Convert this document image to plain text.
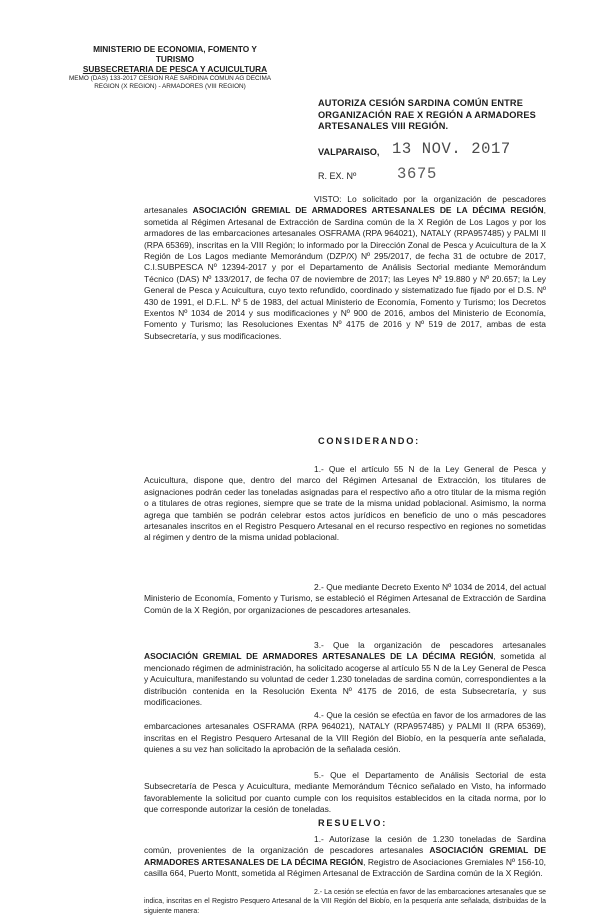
MINISTERIO DE ECONOMIA, FOMENTO Y
TURISMO
SUBSECRETARIA DE PESCA Y ACUICULTURA
MEMO (DAS) 133-2017 CESION RAE SARDINA COMUN AG DECIMA REGION (X REGION) - ARMADORES (VIII REGION)
AUTORIZA CESIÓN SARDINA COMÚN ENTRE ORGANIZACIÓN RAE X REGIÓN A ARMADORES ARTESANALES VIII REGIÓN.
VALPARAISO, 13 NOV. 2017
R. EX. Nº	3675
VISTO: Lo solicitado por la organización de pescadores artesanales ASOCIACIÓN GREMIAL DE ARMADORES ARTESANALES DE LA DÉCIMA REGIÓN, sometida al Régimen Artesanal de Extracción de Sardina común de la X Región de Los Lagos y por los armadores de las embarcaciones artesanales OSFRAMA (RPA 964021), NATALY (RPA957485) y PALMI II (RPA 65369), inscritas en la VIII Región; lo informado por la Dirección Zonal de Pesca y Acuicultura de la X Región de Los Lagos mediante Memorándum (DZP/X) Nº 295/2017, de fecha 31 de octubre de 2017, C.I.SUBPESCA Nº 12394-2017 y por el Departamento de Análisis Sectorial mediante Memorándum Técnico (DAS) Nº 133/2017, de fecha 07 de noviembre de 2017; las Leyes Nº 19.880 y Nº 20.657; la Ley General de Pesca y Acuicultura, cuyo texto refundido, coordinado y sistematizado fue fijado por el D.S. Nº 430 de 1991, el D.F.L. Nº 5 de 1983, del actual Ministerio de Economía, Fomento y Turismo; los Decretos Exentos Nº 1034 de 2014 y sus modificaciones y Nº 900 de 2016, ambos del Ministerio de Economía, Fomento y Turismo; las Resoluciones Exentas Nº 4175 de 2016 y Nº 519 de 2017, ambas de esta Subsecretaría, y sus modificaciones.
CONSIDERANDO:
1.- Que el artículo 55 N de la Ley General de Pesca y Acuicultura, dispone que, dentro del marco del Régimen Artesanal de Extracción, los titulares de asignaciones podrán ceder las toneladas asignadas para el respectivo año a otro titular de la misma región o a titulares de otras regiones, siempre que se trate de la misma unidad poblacional. Asimismo, la norma agrega que también se podrán celebrar estos actos jurídicos en beneficio de uno o más pescadores artesanales inscritos en el Registro Pesquero Artesanal en el recurso respectivo en regiones no sometidas al régimen y dentro de la misma unidad poblacional.
2.- Que mediante Decreto Exento Nº 1034 de 2014, del actual Ministerio de Economía, Fomento y Turismo, se estableció el Régimen Artesanal de Extracción de Sardina Común de la X Región, por organizaciones de pescadores artesanales.
3.- Que la organización de pescadores artesanales ASOCIACIÓN GREMIAL DE ARMADORES ARTESANALES DE LA DÉCIMA REGIÓN, sometida al mencionado régimen de administración, ha solicitado acogerse al artículo 55 N de la Ley General de Pesca y Acuicultura, manifestando su voluntad de ceder 1.230 toneladas de sardina común, correspondientes a la distribución contenida en la Resolución Exenta Nº 4175 de 2016, de esta Subsecretaría, y sus modificaciones.
4.- Que la cesión se efectúa en favor de los armadores de las embarcaciones artesanales OSFRAMA (RPA 964021), NATALY (RPA957485) y PALMI II (RPA 65369), inscritas en el Registro Pesquero Artesanal de la VIII Región del Biobío, en la pesquería ante señalada, quienes a su vez han solicitado la aprobación de la señalada cesión.
5.- Que el Departamento de Análisis Sectorial de esta Subsecretaría de Pesca y Acuicultura, mediante Memorándum Técnico señalado en Visto, ha informado favorablemente la solicitud por cuanto cumple con los requisitos establecidos en la citada norma, por lo que corresponde autorizar la cesión de toneladas.
RESUELVO:
1.- Autorízase la cesión de 1.230 toneladas de Sardina común, provenientes de la organización de pescadores artesanales ASOCIACIÓN GREMIAL DE ARMADORES ARTESANALES DE LA DÉCIMA REGIÓN, Registro de Asociaciones Gremiales Nº 156-10, casilla 664, Puerto Montt, sometida al Régimen Artesanal de Extracción de Sardina común de la X Región.
2.- La cesión se efectúa en favor de las embarcaciones artesanales que se indica, inscritas en el Registro Pesquero Artesanal de la VIII Región del Biobío, en la pesquería ante señalada, distribuidas de la siguiente manera:
